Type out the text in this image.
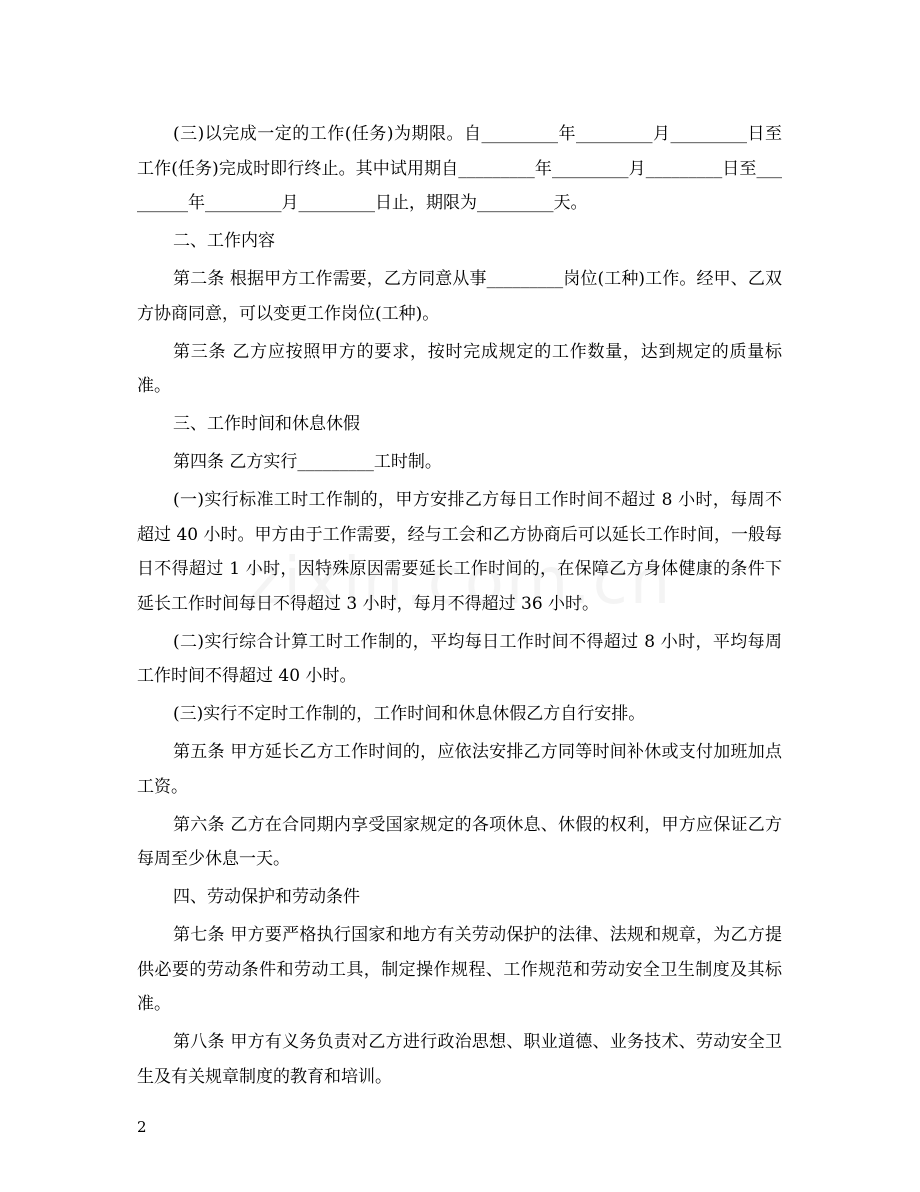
(三)以完成一定的工作(任务)为期限。自_________年_________月_________日至工作(任务)完成时即行终止。其中试用期自_________年_________月_________日至_________年_________月_________日止，期限为_________天。

二、工作内容

第二条 根据甲方工作需要，乙方同意从事_________岗位(工种)工作。经甲、乙双方协商同意，可以变更工作岗位(工种)。

第三条 乙方应按照甲方的要求，按时完成规定的工作数量，达到规定的质量标准。

三、工作时间和休息休假

第四条 乙方实行_________工时制。

(一)实行标准工时工作制的，甲方安排乙方每日工作时间不超过 8 小时，每周不超过 40 小时。甲方由于工作需要，经与工会和乙方协商后可以延长工作时间，一般每日不得超过 1 小时，因特殊原因需要延长工作时间的，在保障乙方身体健康的条件下延长工作时间每日不得超过 3 小时，每月不得超过 36 小时。

(二)实行综合计算工时工作制的，平均每日工作时间不得超过 8 小时，平均每周工作时间不得超过 40 小时。

(三)实行不定时工作制的，工作时间和休息休假乙方自行安排。

第五条 甲方延长乙方工作时间的，应依法安排乙方同等时间补休或支付加班加点工资。

第六条 乙方在合同期内享受国家规定的各项休息、休假的权利，甲方应保证乙方每周至少休息一天。

四、劳动保护和劳动条件

第七条 甲方要严格执行国家和地方有关劳动保护的法律、法规和规章，为乙方提供必要的劳动条件和劳动工具，制定操作规程、工作规范和劳动安全卫生制度及其标准。

第八条 甲方有义务负责对乙方进行政治思想、职业道德、业务技术、劳动安全卫生及有关规章制度的教育和培训。

2
